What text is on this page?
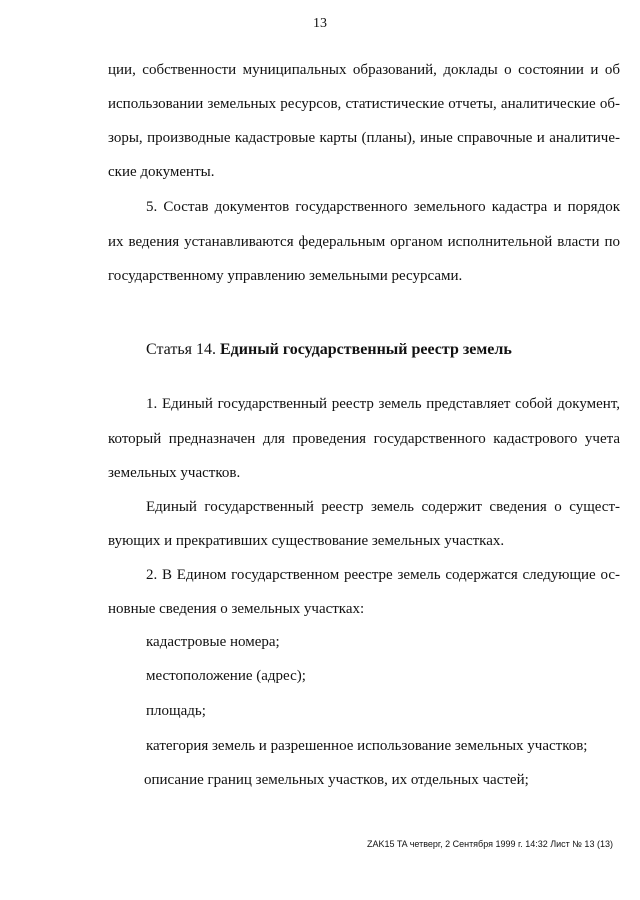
13
ции, собственности муниципальных образований, доклады о состоянии и об
использовании земельных ресурсов, статистические отчеты, аналитические об-
зоры, производные кадастровые карты (планы), иные справочные и аналитиче-
ские документы.
5. Состав документов государственного земельного кадастра и порядок
их ведения устанавливаются федеральным органом исполнительной власти по
государственному управлению земельными ресурсами.
Статья 14. Единый государственный реестр земель
1. Единый государственный реестр земель представляет собой документ,
который предназначен для проведения государственного кадастрового учета
земельных участков.
Единый государственный реестр земель содержит сведения о сущест-
вующих и прекративших существование земельных участках.
2. В Едином государственном реестре земель содержатся следующие ос-
новные сведения о земельных участках:
кадастровые номера;
местоположение (адрес);
площадь;
категория земель и разрешенное использование земельных участков;
описание границ земельных участков, их отдельных частей;
ZAK15 TA четверг, 2 Сентября 1999 г. 14:32 Лист № 13 (13)
